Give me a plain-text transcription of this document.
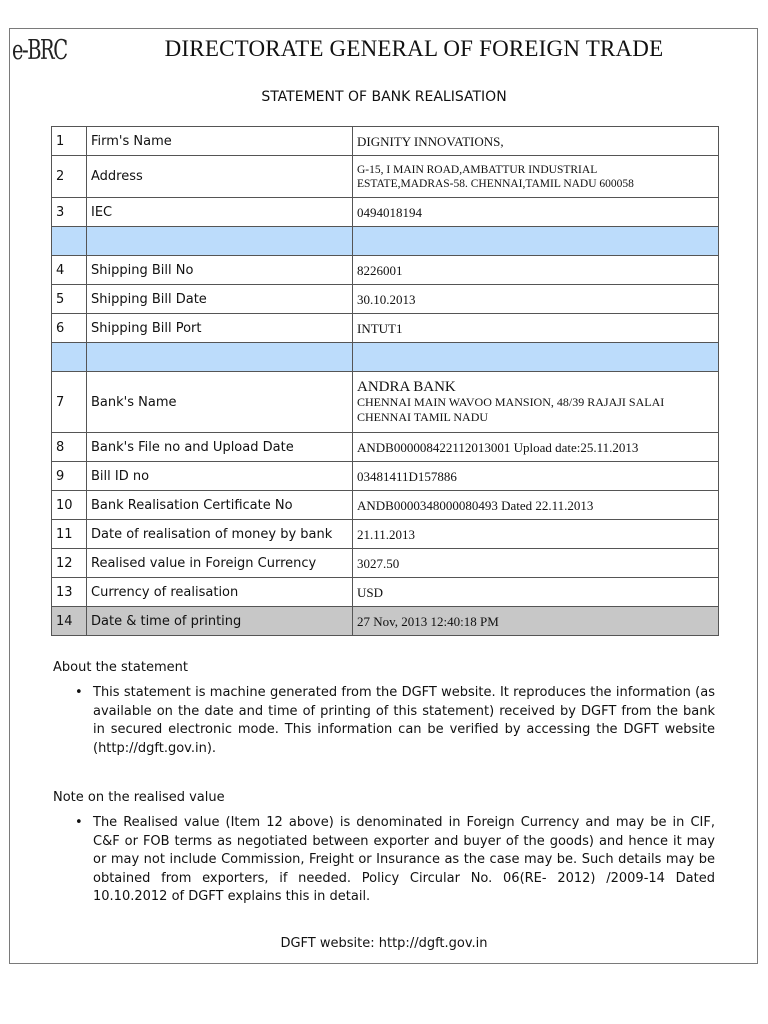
e-BRC	DIRECTORATE GENERAL OF FOREIGN TRADE
STATEMENT OF BANK REALISATION
1	Firm's Name	DIGNITY INNOVATIONS,
2	Address	G-15, I MAIN ROAD,AMBATTUR INDUSTRIAL
ESTATE,MADRAS-58. CHENNAI,TAMIL NADU 600058

3	IEC	0494018194

4	Shipping Bill No	8226001
5	Shipping Bill Date	30.10.2013
6	Shipping Bill Port	INTUT1

7	Bank's Name	ANDRA BANK
CHENNAI MAIN WAVOO MANSION, 48/39 RAJAJI SALAI
CHENNAI TAMIL NADU

8	Bank's File no and Upload Date	ANDB000008422112013001 Upload date:25.11.2013
9	Bill ID no	03481411D157886
10	Bank Realisation Certificate No	ANDB0000348000080493 Dated 22.11.2013
11	Date of realisation of money by bank	21.11.2013
12	Realised value in Foreign Currency	3027.50
13	Currency of realisation	USD
14	Date & time of printing	27 Nov, 2013 12:40:18 PM

About the statement

• This statement is machine generated from the DGFT website. It reproduces the information (as available on the date and time of printing of this statement) received by DGFT from the bank in secured electronic mode. This information can be verified by accessing the DGFT website (http://dgft.gov.in).

Note on the realised value

• The Realised value (Item 12 above) is denominated in Foreign Currency and may be in CIF, C&F or FOB terms as negotiated between exporter and buyer of the goods) and hence it may or may not include Commission, Freight or Insurance as the case may be. Such details may be obtained from exporters, if needed. Policy Circular No. 06(RE- 2012) /2009-14 Dated 10.10.2012 of DGFT explains this in detail.

DGFT website: http://dgft.gov.in
